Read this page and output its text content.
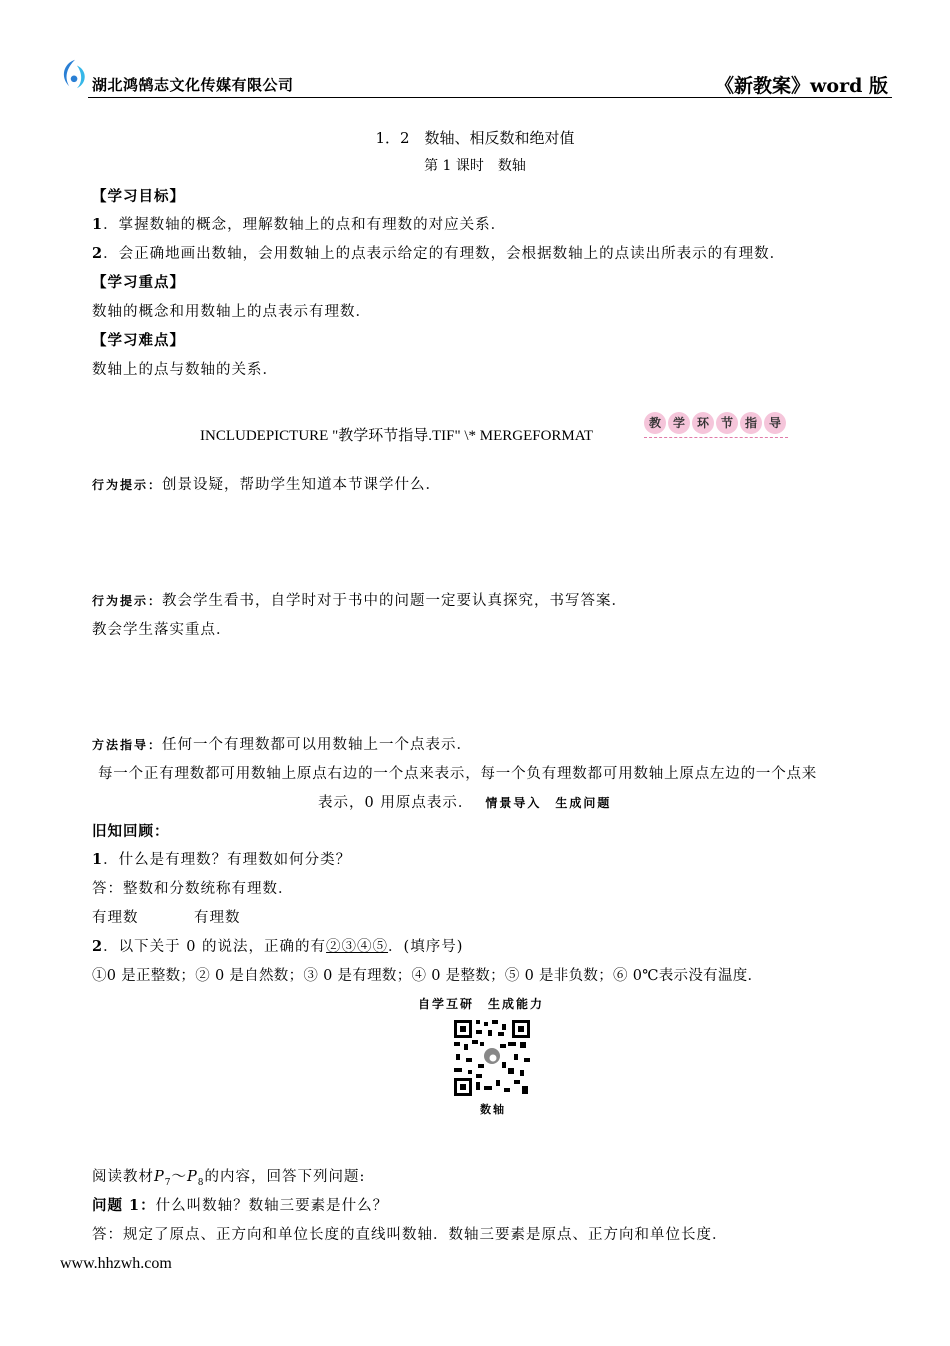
湖北鸿鹄志文化传媒有限公司	《新教案》word 版
1．2　数轴、相反数和绝对值
第 1 课时　数轴
【学习目标】
1．掌握数轴的概念，理解数轴上的点和有理数的对应关系．
2．会正确地画出数轴，会用数轴上的点表示给定的有理数，会根据数轴上的点读出所表示的有理数．
【学习重点】
数轴的概念和用数轴上的点表示有理数．
【学习难点】
数轴上的点与数轴的关系．
INCLUDEPICTURE "教学环节指导.TIF" \* MERGEFORMAT
教 学 环 节 指 导
行为提示：创景设疑，帮助学生知道本节课学什么．
行为提示：教会学生看书，自学时对于书中的问题一定要认真探究，书写答案．
教会学生落实重点．
方法指导：任何一个有理数都可以用数轴上一个点表示．
每一个正有理数都可用数轴上原点右边的一个点来表示，每一个负有理数都可用数轴上原点左边的一个点来
表示，0 用原点表示． 情景导入　生成问题
旧知回顾：
1．什么是有理数？有理数如何分类？
答：整数和分数统称有理数．
有理数	有理数
2．以下关于 0 的说法，正确的有②③④⑤．(填序号)
①0 是正整数；② 0 是自然数；③ 0 是有理数；④ 0 是整数；⑤ 0 是非负数；⑥ 0℃表示没有温度．
自学互研　生成能力
数轴
阅读教材$P_7\sim P_8$的内容，回答下列问题:
问题 1：什么叫数轴？数轴三要素是什么？
答：规定了原点、正方向和单位长度的直线叫数轴．数轴三要素是原点、正方向和单位长度．
www.hhzwh.com
